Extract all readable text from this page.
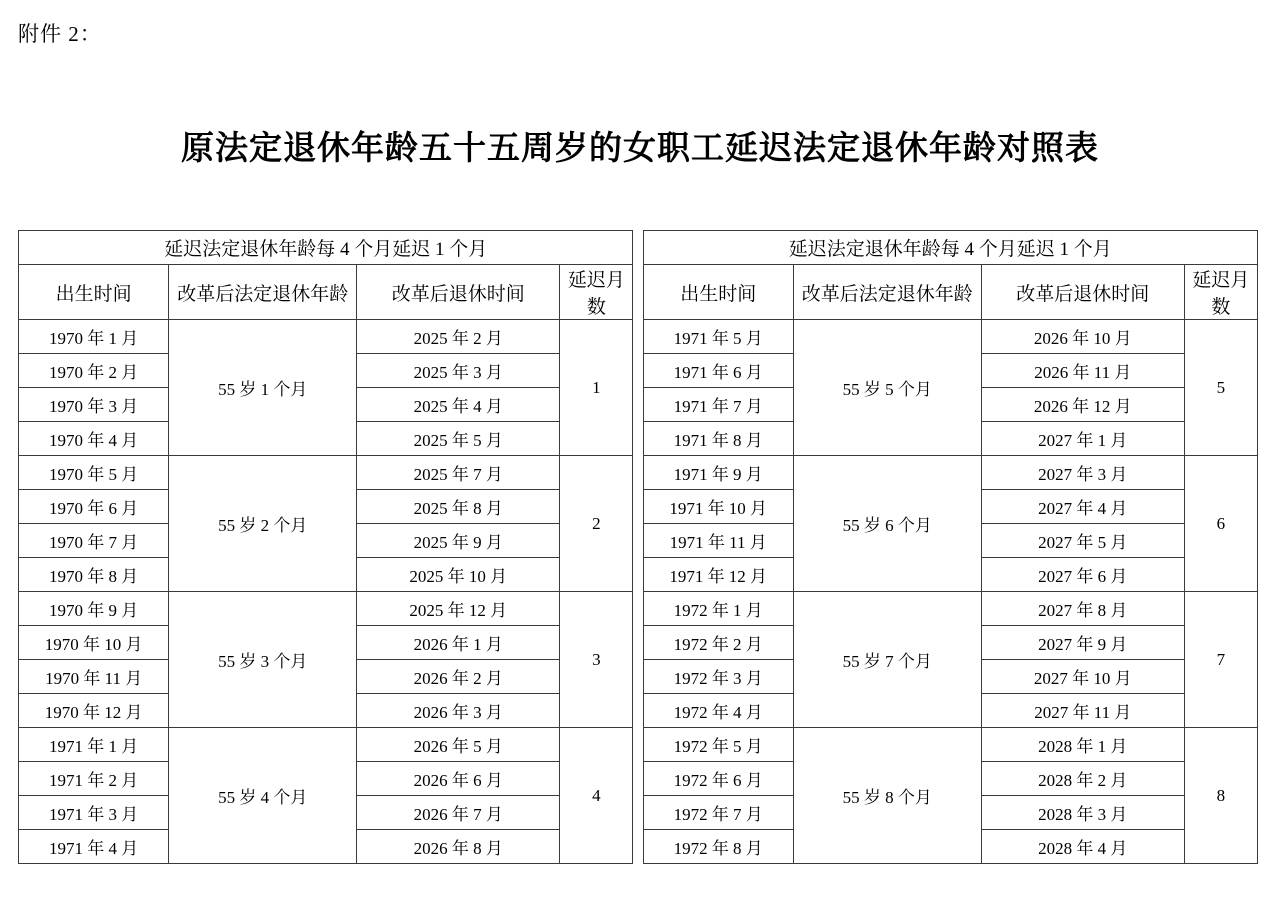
附件 2：
原法定退休年龄五十五周岁的女职工延迟法定退休年龄对照表
延迟法定退休年龄每 4 个月延迟 1 个月					延迟法定退休年龄每 4 个月延迟 1 个月			
出生时间	改革后法定退休年龄	改革后退休时间	延迟月数		出生时间	改革后法定退休年龄	改革后退休时间	延迟月数
1970 年 1 月	55 岁 1 个月	2025 年 2 月	1		1971 年 5 月	55 岁 5 个月	2026 年 10 月	5
1970 年 2 月		2025 年 3 月			1971 年 6 月		2026 年 11 月	
1970 年 3 月		2025 年 4 月			1971 年 7 月		2026 年 12 月	
1970 年 4 月		2025 年 5 月			1971 年 8 月		2027 年 1 月	
1970 年 5 月	55 岁 2 个月	2025 年 7 月	2		1971 年 9 月	55 岁 6 个月	2027 年 3 月	6
1970 年 6 月		2025 年 8 月			1971 年 10 月		2027 年 4 月	
1970 年 7 月		2025 年 9 月			1971 年 11 月		2027 年 5 月	
1970 年 8 月		2025 年 10 月			1971 年 12 月		2027 年 6 月	
1970 年 9 月	55 岁 3 个月	2025 年 12 月	3		1972 年 1 月	55 岁 7 个月	2027 年 8 月	7
1970 年 10 月		2026 年 1 月			1972 年 2 月		2027 年 9 月	
1970 年 11 月		2026 年 2 月			1972 年 3 月		2027 年 10 月	
1970 年 12 月		2026 年 3 月			1972 年 4 月		2027 年 11 月	
1971 年 1 月	55 岁 4 个月	2026 年 5 月	4		1972 年 5 月	55 岁 8 个月	2028 年 1 月	8
1971 年 2 月		2026 年 6 月			1972 年 6 月		2028 年 2 月	
1971 年 3 月		2026 年 7 月			1972 年 7 月		2028 年 3 月	
1971 年 4 月		2026 年 8 月			1972 年 8 月		2028 年 4 月	
